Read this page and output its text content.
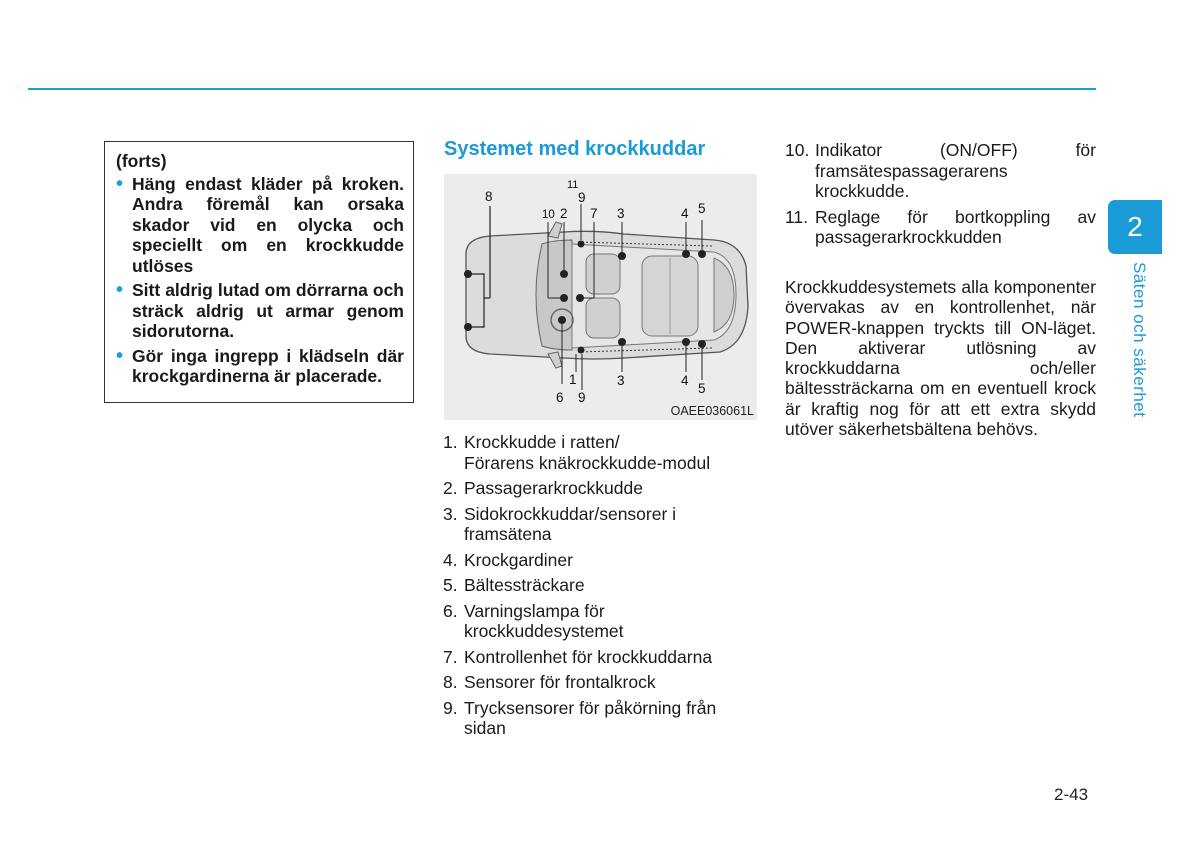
(forts)
• Häng endast kläder på kroken. Andra föremål kan orsaka skador vid en olycka och speciellt om en krockkudde utlöses
• Sitt aldrig lutad om dörrarna och sträck aldrig ut armar genom sidorutorna.
• Gör inga ingrepp i klädseln där krockgardinerna är placerade.
Systemet med krockkuddar
8
11
9
10 2 7 3	4 5
1	3	4
5
6 9
OAEE036061L
1. Krockkudde i ratten/
Förarens knäkrockkudde-modul
2. Passagerarkrockkudde
3. Sidokrockkuddar/sensorer i
framsätena
4. Krockgardiner
5. Bältessträckare
6. Varningslampa för
krockkuddesystemet
7. Kontrollenhet för krockkuddarna
8. Sensorer för frontalkrock
9. Trycksensorer för påkörning från
sidan
10. Indikator (ON/OFF) för
framsätespassagerarens
krockkudde.
11. Reglage för bortkoppling av
passagerarkrockkudden

Krockkuddesystemets alla komponenter övervakas av en kontrollenhet, när POWER-knappen tryckts till ON-läget. Den aktiverar utlösning av krockkuddarna och/eller bältessträckarna om en eventuell krock är kraftig nog för att ett extra skydd utöver säkerhetsbältena behövs.

2
Säten och säkerhet
2-43
